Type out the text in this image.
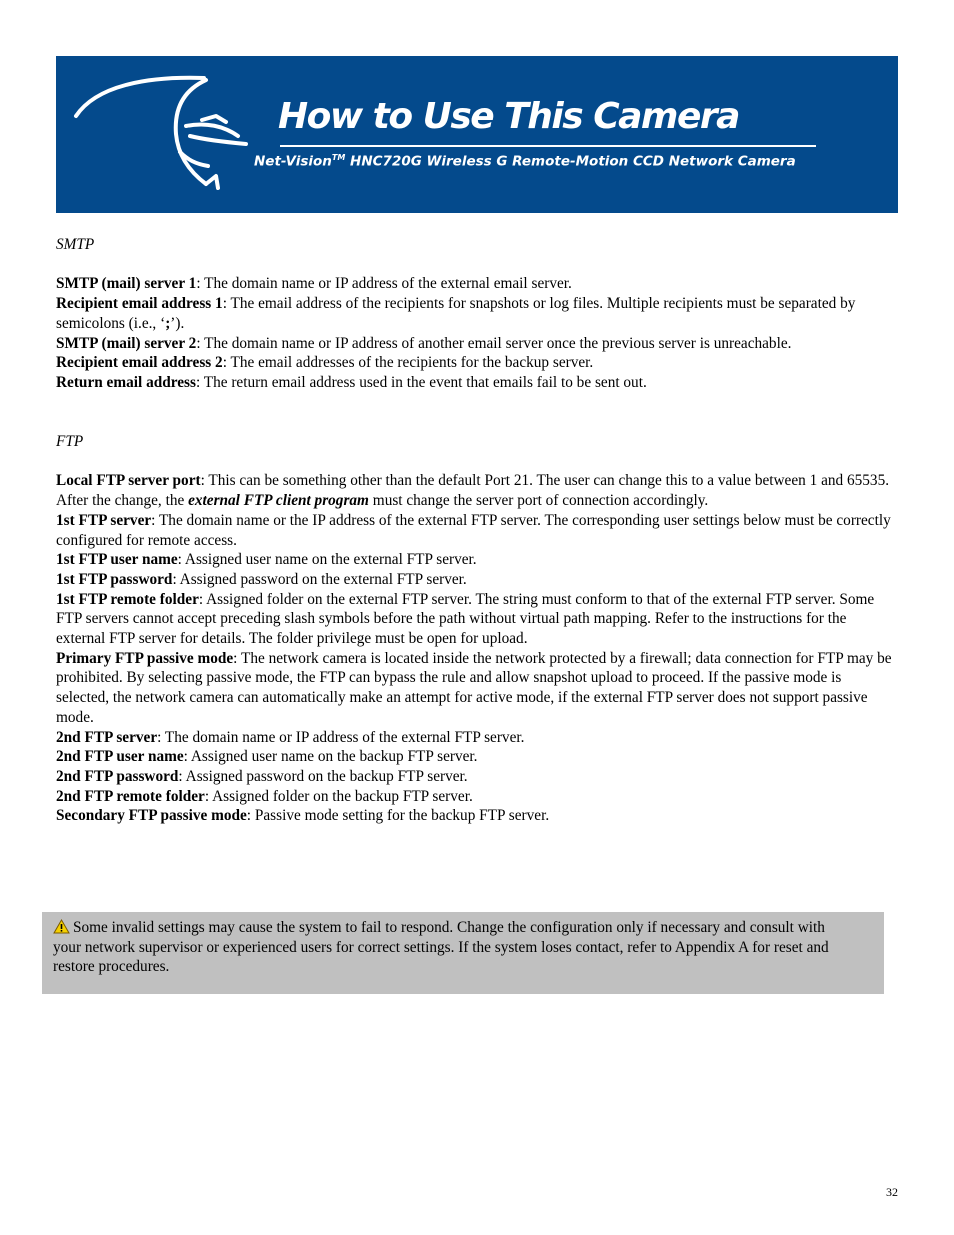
How to Use This Camera
Net-Vision™ HNC720G Wireless G Remote-Motion CCD Network Camera

SMTP

SMTP (mail) server 1: The domain name or IP address of the external email server.

Recipient email address 1: The email address of the recipients for snapshots or log files. Multiple recipients must be separated by semicolons (i.e., ‘;’).

SMTP (mail) server 2: The domain name or IP address of another email server once the previous server is unreachable.

Recipient email address 2: The email addresses of the recipients for the backup server.

Return email address: The return email address used in the event that emails fail to be sent out.

FTP

Local FTP server port: This can be something other than the default Port 21. The user can change this to a value between 1 and 65535. After the change, the external FTP client program must change the server port of connection accordingly.

1st FTP server: The domain name or the IP address of the external FTP server. The corresponding user settings below must be correctly configured for remote access.

1st FTP user name: Assigned user name on the external FTP server.

1st FTP password: Assigned password on the external FTP server.

1st FTP remote folder: Assigned folder on the external FTP server. The string must conform to that of the external FTP server. Some FTP servers cannot accept preceding slash symbols before the path without virtual path mapping. Refer to the instructions for the external FTP server for details. The folder privilege must be open for upload.

Primary FTP passive mode: The network camera is located inside the network protected by a firewall; data connection for FTP may be prohibited. By selecting passive mode, the FTP can bypass the rule and allow snapshot upload to proceed. If the passive mode is selected, the network camera can automatically make an attempt for active mode, if the external FTP server does not support passive mode.

2nd FTP server: The domain name or IP address of the external FTP server.

2nd FTP user name: Assigned user name on the backup FTP server.

2nd FTP password: Assigned password on the backup FTP server.

2nd FTP remote folder: Assigned folder on the backup FTP server.

Secondary FTP passive mode: Passive mode setting for the backup FTP server.

Some invalid settings may cause the system to fail to respond. Change the configuration only if necessary and consult with your network supervisor or experienced users for correct settings. If the system loses contact, refer to Appendix A for reset and restore procedures.
32
